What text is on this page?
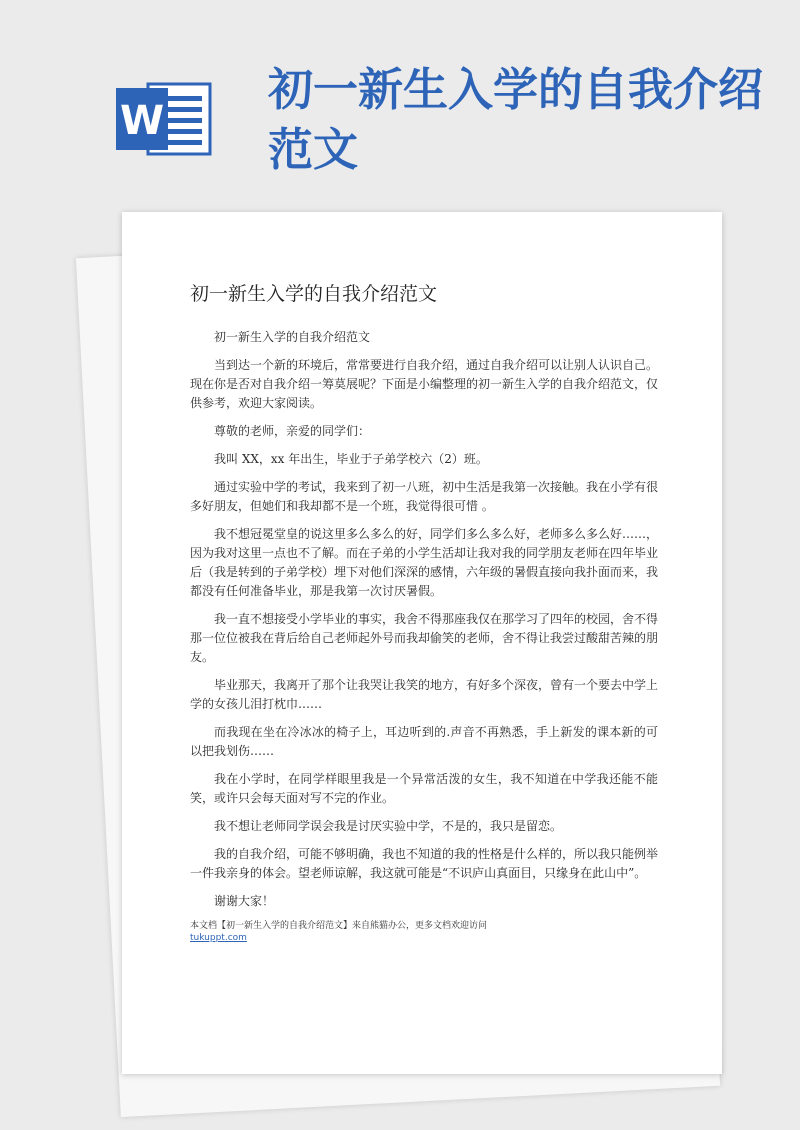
W
初一新生入学的自我介绍范文
初一新生入学的自我介绍范文

初一新生入学的自我介绍范文

当到达一个新的环境后，常常要进行自我介绍，通过自我介绍可以让别人认识自己。现在你是否对自我介绍一筹莫展呢？下面是小编整理的初一新生入学的自我介绍范文，仅供参考，欢迎大家阅读。

尊敬的老师，亲爱的同学们：

我叫 XX，xx 年出生，毕业于子弟学校六（2）班。

通过实验中学的考试，我来到了初一八班，初中生活是我第一次接触。我在小学有很多好朋友，但她们和我却都不是一个班，我觉得很可惜 。

我不想冠冕堂皇的说这里多么多么的好，同学们多么多么好，老师多么多么好……，因为我对这里一点也不了解。而在子弟的小学生活却让我对我的同学朋友老师在四年毕业后（我是转到的子弟学校）埋下对他们深深的感情，六年级的暑假直接向我扑面而来，我都没有任何准备毕业，那是我第一次讨厌暑假。

我一直不想接受小学毕业的事实，我舍不得那座我仅在那学习了四年的校园，舍不得那一位位被我在背后给自己老师起外号而我却偷笑的老师，舍不得让我尝过酸甜苦辣的朋友。

毕业那天，我离开了那个让我哭让我笑的地方，有好多个深夜，曾有一个要去中学上学的女孩儿泪打枕巾……

而我现在坐在冷冰冰的椅子上，耳边听到的.声音不再熟悉，手上新发的课本新的可以把我划伤……

我在小学时，在同学样眼里我是一个异常活泼的女生，我不知道在中学我还能不能笑，或许只会每天面对写不完的作业。

我不想让老师同学误会我是讨厌实验中学，不是的，我只是留恋。

我的自我介绍，可能不够明确，我也不知道的我的性格是什么样的，所以我只能例举一件我亲身的体会。望老师谅解，我这就可能是“不识庐山真面目，只缘身在此山中”。

谢谢大家！

本文档【初一新生入学的自我介绍范文】来自熊猫办公，更多文档欢迎访问
tukuppt.com
